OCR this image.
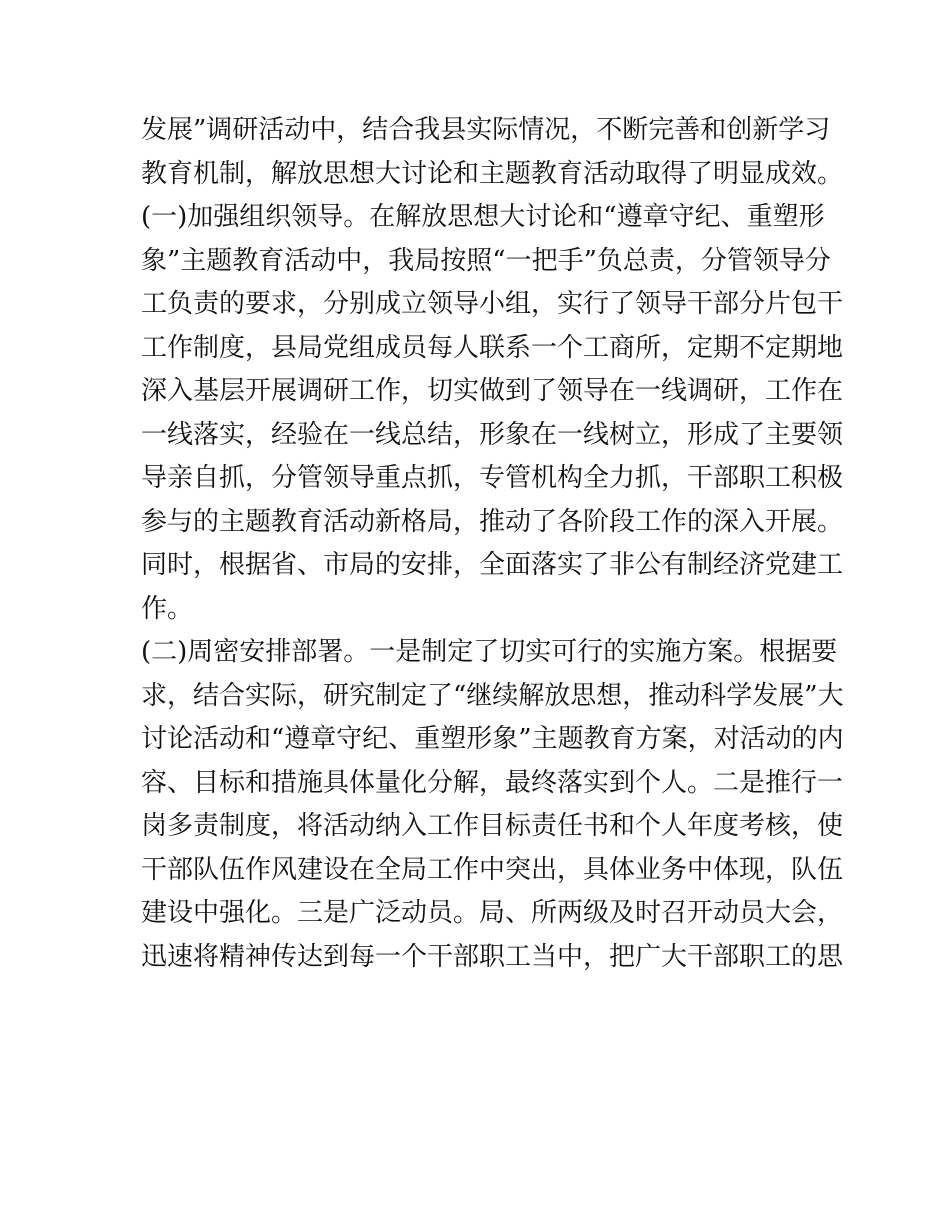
发展”调研活动中，结合我县实际情况，不断完善和创新学习
教育机制，解放思想大讨论和主题教育活动取得了明显成效。
(一)加强组织领导。在解放思想大讨论和“遵章守纪、重塑形
象”主题教育活动中，我局按照“一把手”负总责，分管领导分
工负责的要求，分别成立领导小组，实行了领导干部分片包干
工作制度，县局党组成员每人联系一个工商所，定期不定期地
深入基层开展调研工作，切实做到了领导在一线调研，工作在
一线落实，经验在一线总结，形象在一线树立，形成了主要领
导亲自抓，分管领导重点抓，专管机构全力抓，干部职工积极
参与的主题教育活动新格局，推动了各阶段工作的深入开展。
同时，根据省、市局的安排，全面落实了非公有制经济党建工
作。
(二)周密安排部署。一是制定了切实可行的实施方案。根据要
求，结合实际，研究制定了“继续解放思想，推动科学发展”大
讨论活动和“遵章守纪、重塑形象”主题教育方案，对活动的内
容、目标和措施具体量化分解，最终落实到个人。二是推行一
岗多责制度，将活动纳入工作目标责任书和个人年度考核，使
干部队伍作风建设在全局工作中突出，具体业务中体现，队伍
建设中强化。三是广泛动员。局、所两级及时召开动员大会，
迅速将精神传达到每一个干部职工当中，把广大干部职工的思
